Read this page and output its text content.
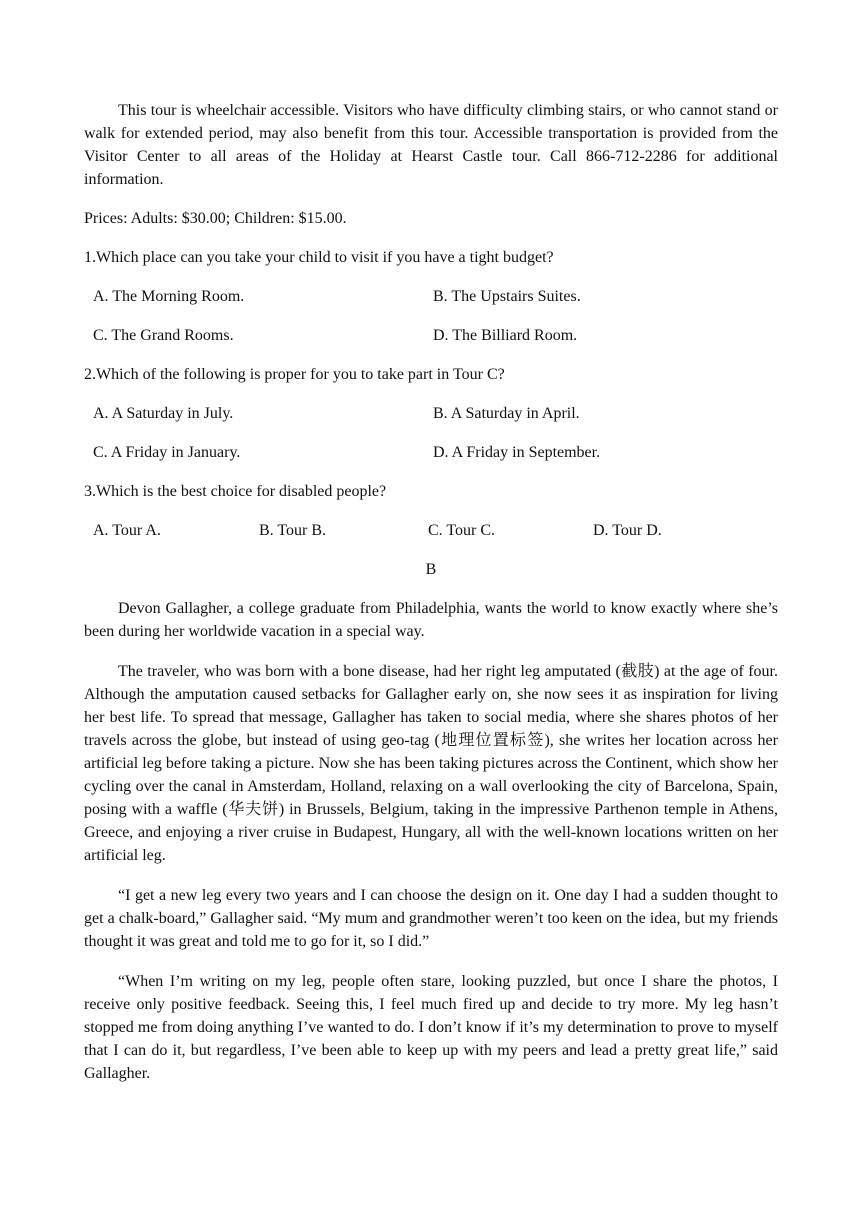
This tour is wheelchair accessible. Visitors who have difficulty climbing stairs, or who cannot stand or walk for extended period, may also benefit from this tour. Accessible transportation is provided from the Visitor Center to all areas of the Holiday at Hearst Castle tour. Call 866-712-2286 for additional information.

Prices: Adults: $30.00; Children: $15.00.

1.Which place can you take your child to visit if you have a tight budget?

A. The Morning Room.	B. The Upstairs Suites.
C. The Grand Rooms.	D. The Billiard Room.

2.Which of the following is proper for you to take part in Tour C?

A. A Saturday in July.	B. A Saturday in April.
C. A Friday in January.	D. A Friday in September.

3.Which is the best choice for disabled people?

A. Tour A.	B. Tour B.	C. Tour C.	D. Tour D.

B

Devon Gallagher, a college graduate from Philadelphia, wants the world to know exactly where she’s been during her worldwide vacation in a special way.

The traveler, who was born with a bone disease, had her right leg amputated (截肢) at the age of four. Although the amputation caused setbacks for Gallagher early on, she now sees it as inspiration for living her best life. To spread that message, Gallagher has taken to social media, where she shares photos of her travels across the globe, but instead of using geo-tag (地理位置标签), she writes her location across her artificial leg before taking a picture. Now she has been taking pictures across the Continent, which show her cycling over the canal in Amsterdam, Holland, relaxing on a wall overlooking the city of Barcelona, Spain, posing with a waffle (华夫饼) in Brussels, Belgium, taking in the impressive Parthenon temple in Athens, Greece, and enjoying a river cruise in Budapest, Hungary, all with the well-known locations written on her artificial leg.

“I get a new leg every two years and I can choose the design on it. One day I had a sudden thought to get a chalk-board,” Gallagher said. “My mum and grandmother weren’t too keen on the idea, but my friends thought it was great and told me to go for it, so I did.”

“When I’m writing on my leg, people often stare, looking puzzled, but once I share the photos, I receive only positive feedback. Seeing this, I feel much fired up and decide to try more. My leg hasn’t stopped me from doing anything I’ve wanted to do. I don’t know if it’s my determination to prove to myself that I can do it, but regardless, I’ve been able to keep up with my peers and lead a pretty great life,” said Gallagher.
